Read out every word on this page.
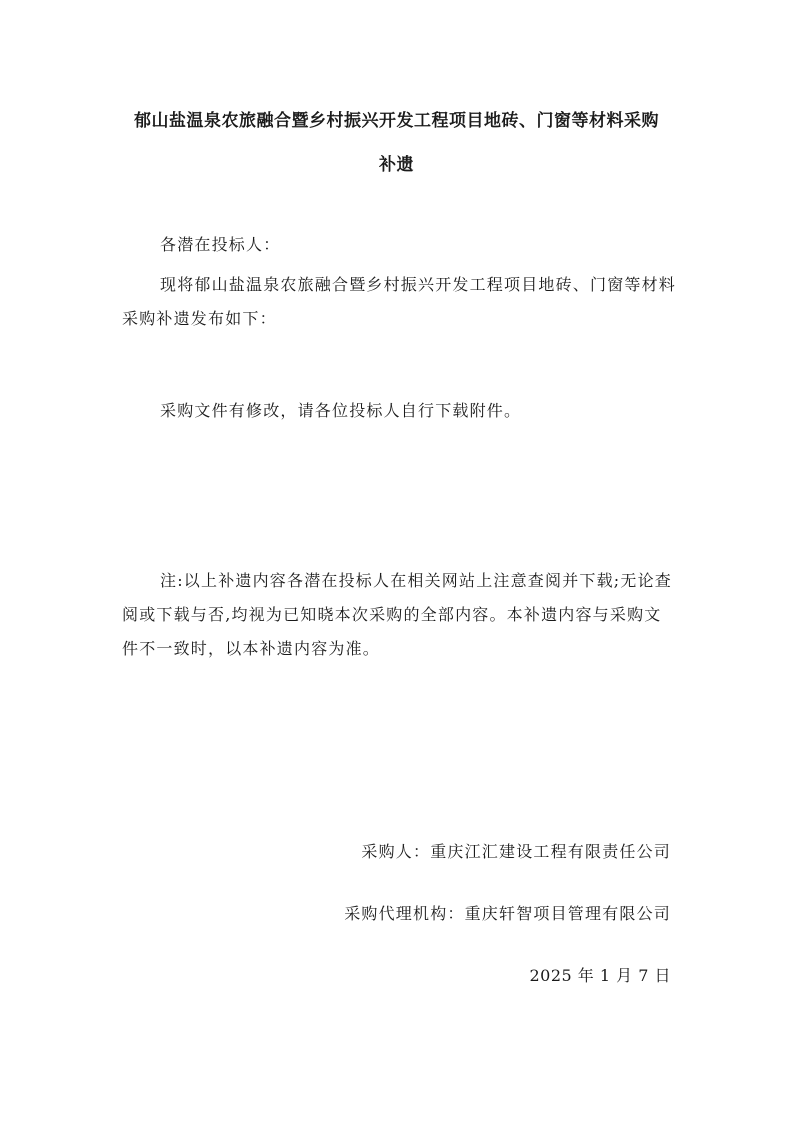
郁山盐温泉农旅融合暨乡村振兴开发工程项目地砖、门窗等材料采购
补遗

各潜在投标人：

现将郁山盐温泉农旅融合暨乡村振兴开发工程项目地砖、门窗等材料采购补遗发布如下：

采购文件有修改，请各位投标人自行下载附件。

注:以上补遗内容各潜在投标人在相关网站上注意查阅并下载;无论查阅或下载与否,均视为已知晓本次采购的全部内容。本补遗内容与采购文件不一致时，以本补遗内容为准。

采购人：重庆江汇建设工程有限责任公司

采购代理机构：重庆轩智项目管理有限公司

2025 年 1 月 7 日
